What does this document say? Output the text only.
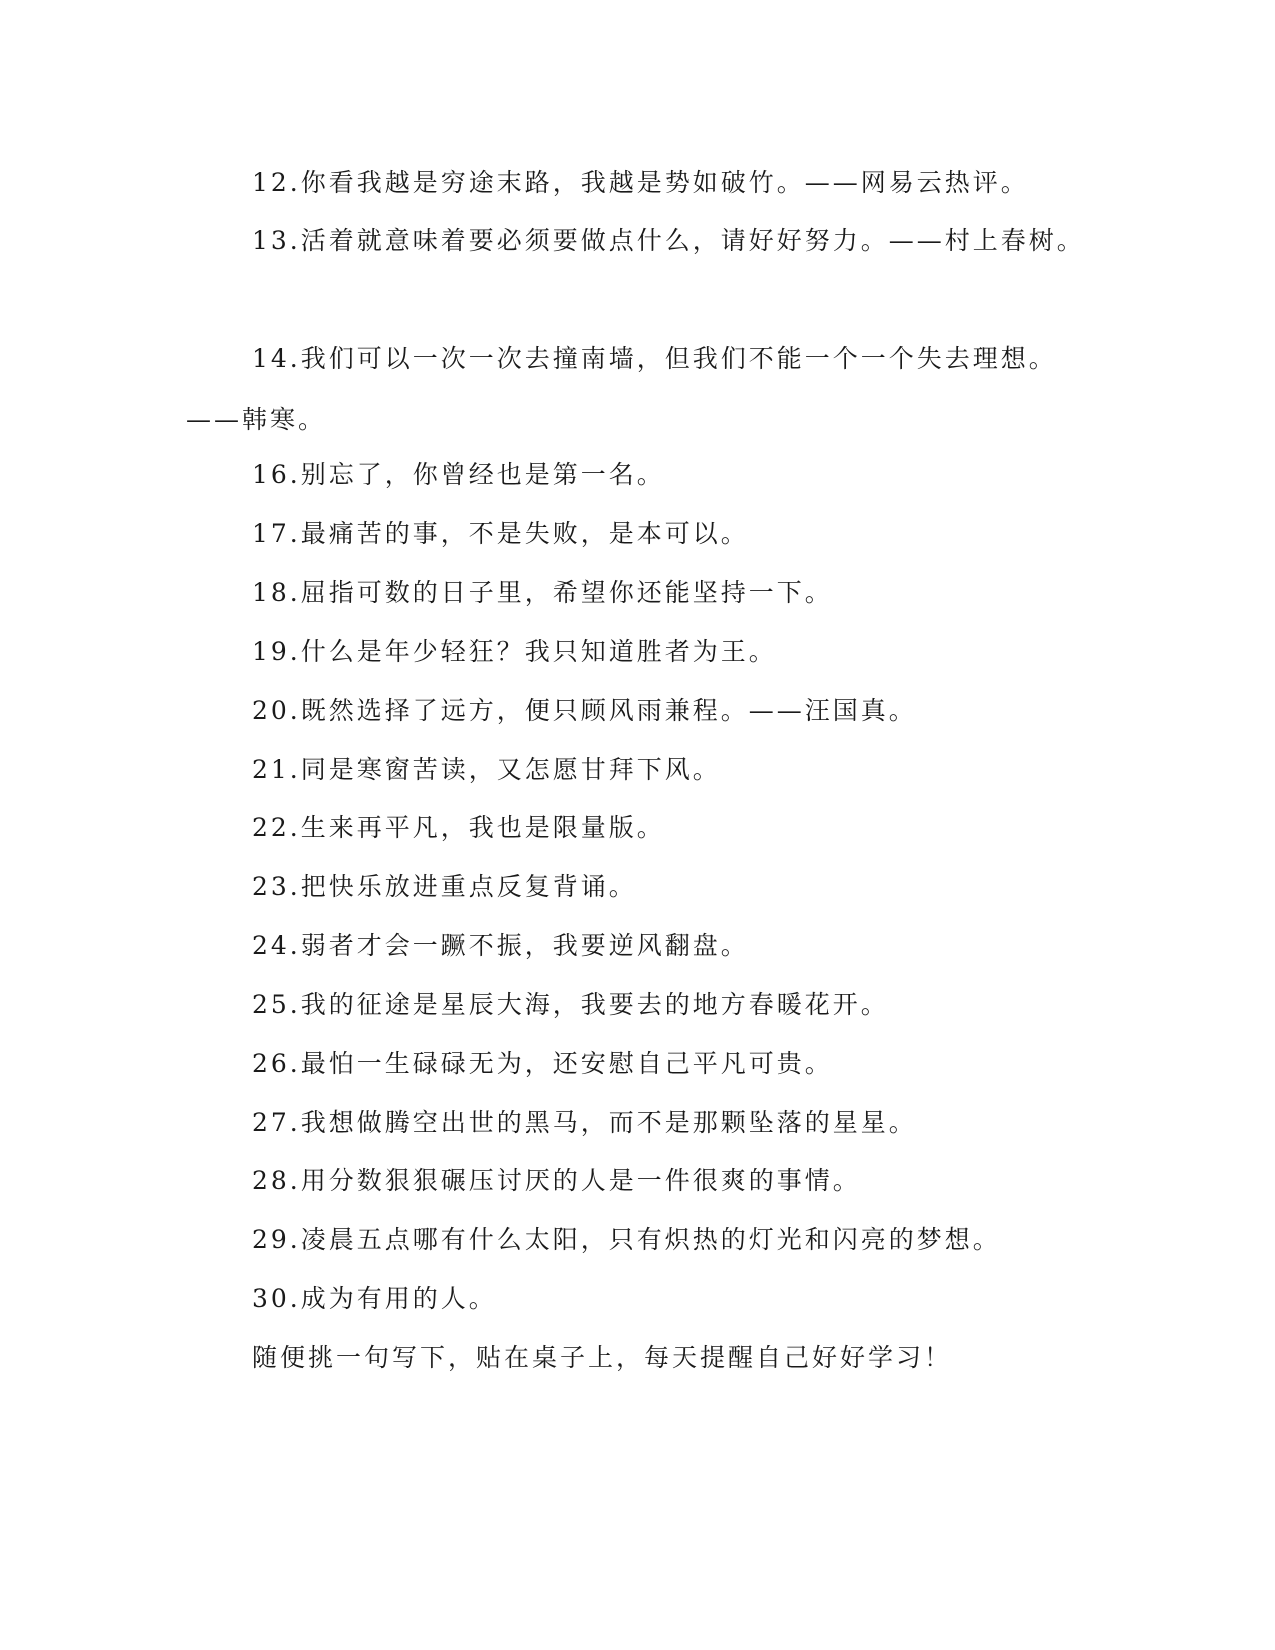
12.你看我越是穷途末路，我越是势如破竹。——网易云热评。

13.活着就意味着要必须要做点什么，请好好努力。——村上春树。

14.我们可以一次一次去撞南墙，但我们不能一个一个失去理想。——韩寒。

16.别忘了，你曾经也是第一名。

17.最痛苦的事，不是失败，是本可以。

18.屈指可数的日子里，希望你还能坚持一下。

19.什么是年少轻狂？我只知道胜者为王。

20.既然选择了远方，便只顾风雨兼程。——汪国真。

21.同是寒窗苦读，又怎愿甘拜下风。

22.生来再平凡，我也是限量版。

23.把快乐放进重点反复背诵。

24.弱者才会一蹶不振，我要逆风翻盘。

25.我的征途是星辰大海，我要去的地方春暖花开。

26.最怕一生碌碌无为，还安慰自己平凡可贵。

27.我想做腾空出世的黑马，而不是那颗坠落的星星。

28.用分数狠狠碾压讨厌的人是一件很爽的事情。

29.凌晨五点哪有什么太阳，只有炽热的灯光和闪亮的梦想。

30.成为有用的人。

随便挑一句写下，贴在桌子上，每天提醒自己好好学习！
